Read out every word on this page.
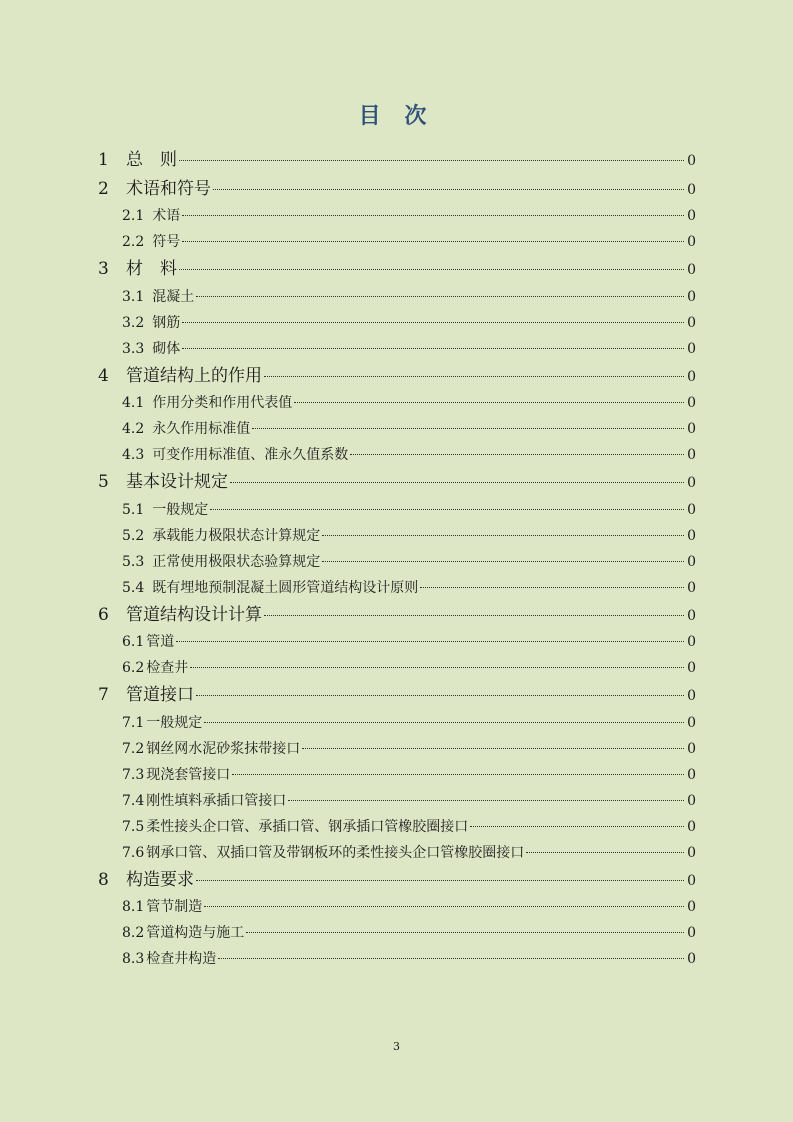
目 次
1	总　则	0
2	术语和符号	0
2.1 术语	0
2.2 符号	0
3	材　料	0
3.1 混凝土	0
3.2 钢筋	0
3.3 砌体	0
4	管道结构上的作用	0
4.1 作用分类和作用代表值	0
4.2 永久作用标准值	0
4.3 可变作用标准值、准永久值系数	0
5	基本设计规定	0
5.1 一般规定	0
5.2 承载能力极限状态计算规定	0
5.3 正常使用极限状态验算规定	0
5.4 既有埋地预制混凝土圆形管道结构设计原则	0
6	管道结构设计计算	0
6.1 管道	0
6.2 检查井	0
7	管道接口	0
7.1 一般规定	0
7.2 钢丝网水泥砂浆抹带接口	0
7.3 现浇套管接口	0
7.4 刚性填料承插口管接口	0
7.5 柔性接头企口管、承插口管、钢承插口管橡胶圈接口	0
7.6 钢承口管、双插口管及带钢板环的柔性接头企口管橡胶圈接口	0
8	构造要求	0
8.1 管节制造	0
8.2 管道构造与施工	0
8.3 检查井构造	0
3
